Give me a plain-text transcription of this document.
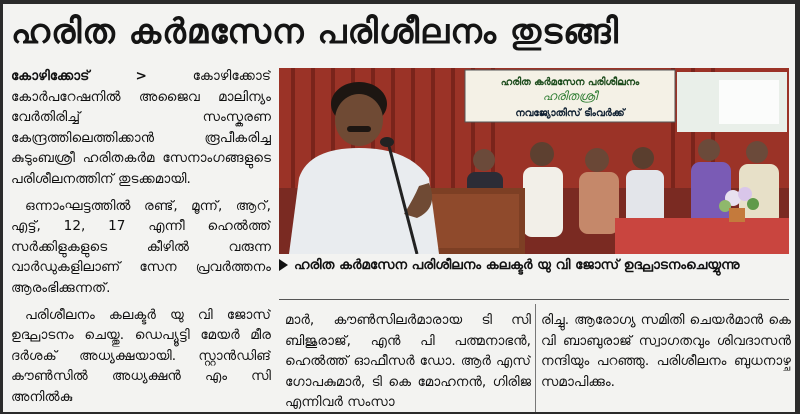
ഹരിത കർമസേന പരിശീലനം തുടങ്ങി

കോഴിക്കോട് >	കോഴിക്കോട് കോർപറേഷനിൽ അജൈവ മാലിന്യം വേർതിരിച്ച് സംസ്കരണ കേന്ദ്രത്തിലെത്തിക്കാൻ രൂപീകരിച്ച കുടുംബശ്രീ ഹരിതകർമ സേനാംഗങ്ങളുടെ പരിശീലനത്തിന് തുടക്കമായി.

ഒന്നാംഘട്ടത്തിൽ രണ്ട്, മൂന്ന്, ആറ്, എട്ട്, 12, 17 എന്നീ ഹെൽത്ത് സർക്കിളുകളുടെ കീഴിൽ വരുന്ന വാർഡുകളിലാണ് സേന പ്രവർത്തനം ആരംഭിക്കുന്നത്.

പരിശീലനം കലക്ടർ യു വി ജോസ് ഉദ്ഘാടനം ചെയ്തു. ഡെപ്യൂട്ടി മേയർ മീര ദർശക് അധ്യക്ഷയായി. സ്റ്റാൻഡിങ് കൗൺസിൽ അധ്യക്ഷൻ എം സി അനിൽകു

ഹരിത കർമസേന പരിശീലനം
ഹരിതശ്രീ
നവജ്യോതിസ് ടീംവർക്ക്
ഹരിത കർമസേന പരിശീലനം കലക്ടർ യു വി ജോസ് ഉദ്ഘാടനംചെയ്യുന്നു

മാർ, കൗൺസിലർമാരായ ടി സി ബിജുരാജ്, എൻ പി പത്മനാഭൻ, ഹെൽത്ത് ഓഫീസർ ഡോ. ആർ എസ് ഗോപകുമാർ, ടി കെ മോഹനൻ, ഗിരിജ എന്നിവർ സംസാ

രിച്ചു. ആരോഗ്യ സമിതി ചെയർമാൻ കെ വി ബാബുരാജ് സ്വാഗതവും ശിവദാസൻ നന്ദിയും പറഞ്ഞു. പരിശീലനം ബുധനാഴ്ച സമാപിക്കും.
